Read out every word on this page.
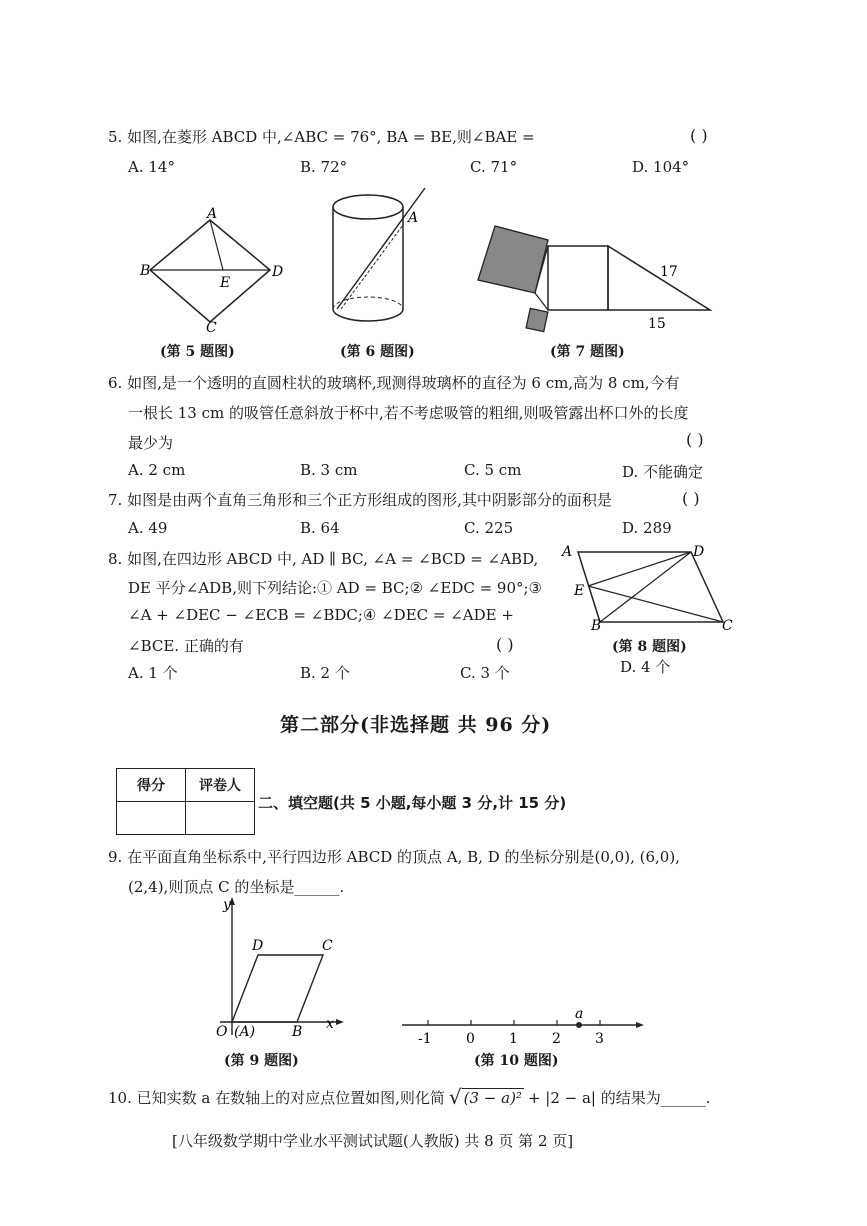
5. 如图,在菱形 ABCD 中,∠ABC = 76°, BA = BE,则∠BAE =	( )
A. 14°	B. 72°	C. 71°	D. 104°
A
B
E
D
C
(第 5 题图)
A
(第 6 题图)
17
15
(第 7 题图)
6. 如图,是一个透明的直圆柱状的玻璃杯,现测得玻璃杯的直径为 6 cm,高为 8 cm,今有
一根长 13 cm 的吸管任意斜放于杯中,若不考虑吸管的粗细,则吸管露出杯口外的长度
最少为	( )
A. 2 cm	B. 3 cm	C. 5 cm	D. 不能确定
7. 如图是由两个直角三角形和三个正方形组成的图形,其中阴影部分的面积是	( )
A. 49	B. 64	C. 225	D. 289
8. 如图,在四边形 ABCD 中, AD ∥ BC, ∠A = ∠BCD = ∠ABD,
DE 平分∠ADB,则下列结论:① AD = BC;② ∠EDC = 90°;③
∠A + ∠DEC − ∠ECB = ∠BDC;④ ∠DEC = ∠ADE +
∠BCE. 正确的有	( )
A. 1 个	B. 2 个	C. 3 个	D. 4 个
A	D
E
B	C
(第 8 题图)
第二部分(非选择题 共 96 分)
得分	评卷人

二、填空题(共 5 小题,每小题 3 分,计 15 分)
9. 在平面直角坐标系中,平行四边形 ABCD 的顶点 A, B, D 的坐标分别是(0,0), (6,0),
(2,4),则顶点 C 的坐标是______.
y
D	C
O (A)	B x
(第 9 题图)
-1 0 1 2 3
a
(第 10 题图)
10. 已知实数 a 在数轴上的对应点位置如图,则化简 √ (3 − a)² + |2 − a| 的结果为______.
[八年级数学期中学业水平测试试题(人教版) 共 8 页 第 2 页]
